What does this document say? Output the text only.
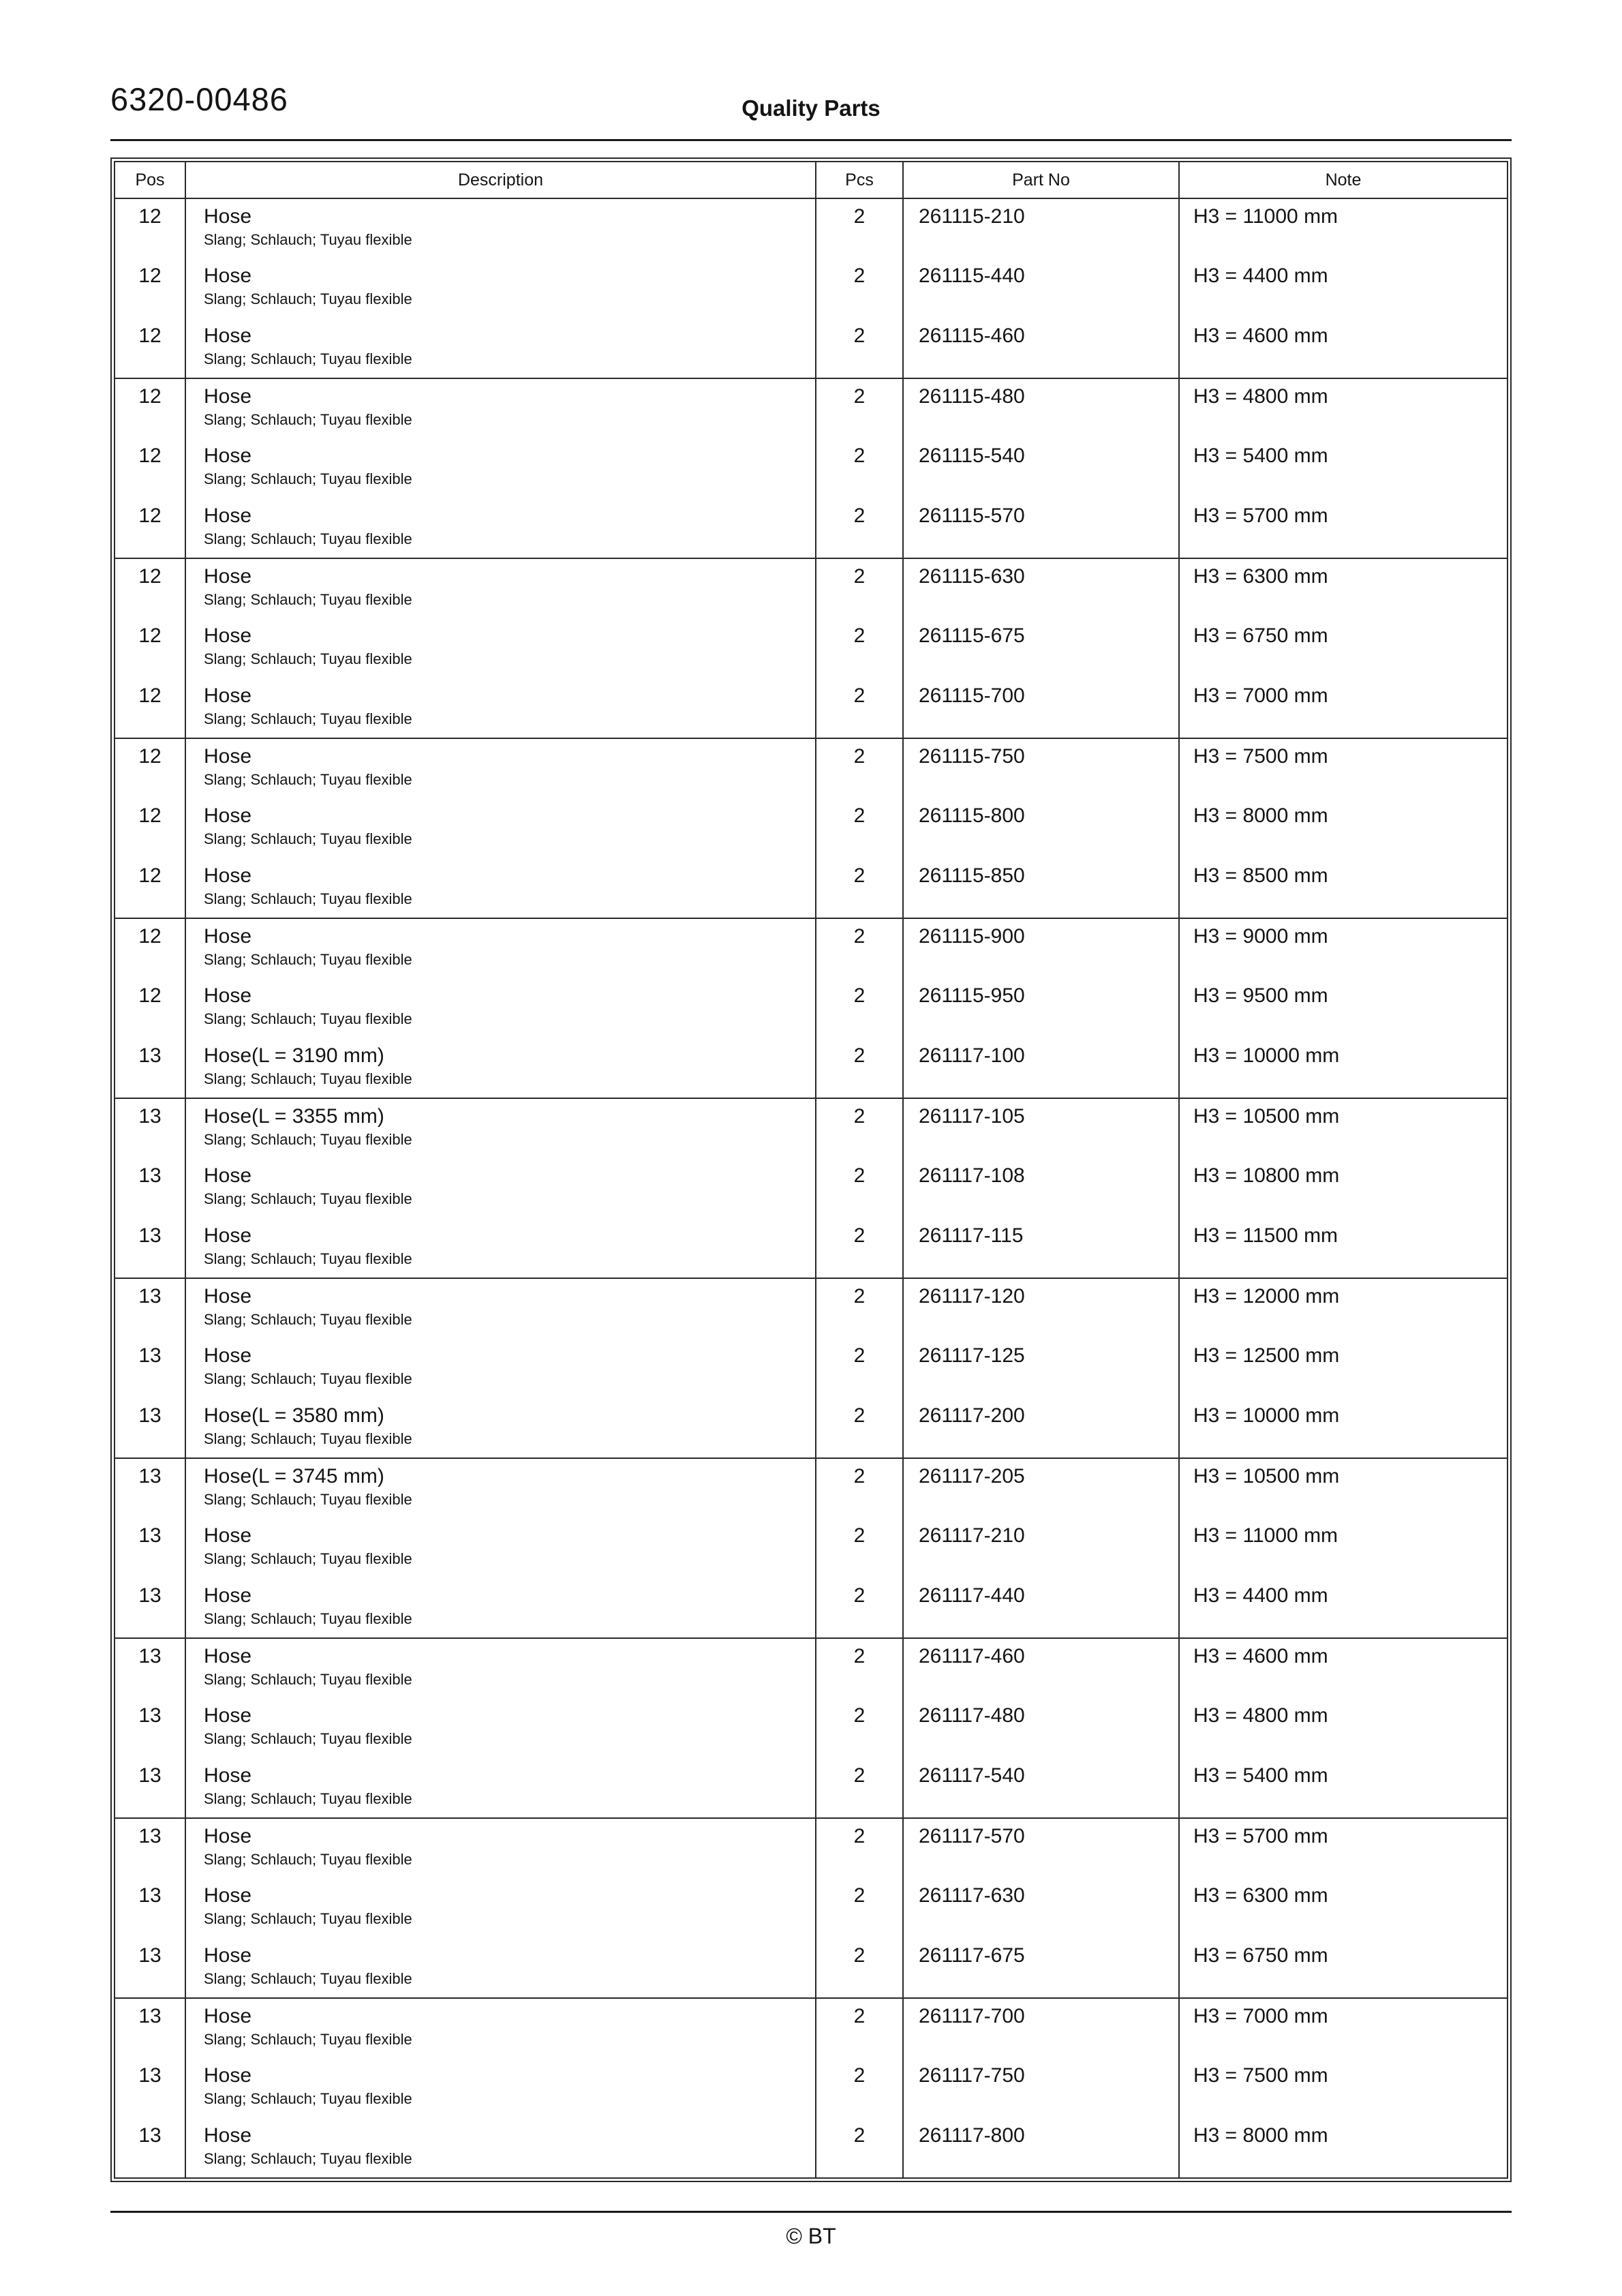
6320-00486	Quality Parts
Pos	Description	Pcs	Part No	Note
12	Hose
Slang; Schlauch; Tuyau flexible	2	261115-210	H3 = 11000 mm
12	Hose
Slang; Schlauch; Tuyau flexible	2	261115-440	H3 = 4400 mm
12	Hose
Slang; Schlauch; Tuyau flexible	2	261115-460	H3 = 4600 mm
12	Hose
Slang; Schlauch; Tuyau flexible	2	261115-480	H3 = 4800 mm
12	Hose
Slang; Schlauch; Tuyau flexible	2	261115-540	H3 = 5400 mm
12	Hose
Slang; Schlauch; Tuyau flexible	2	261115-570	H3 = 5700 mm
12	Hose
Slang; Schlauch; Tuyau flexible	2	261115-630	H3 = 6300 mm
12	Hose
Slang; Schlauch; Tuyau flexible	2	261115-675	H3 = 6750 mm
12	Hose
Slang; Schlauch; Tuyau flexible	2	261115-700	H3 = 7000 mm
12	Hose
Slang; Schlauch; Tuyau flexible	2	261115-750	H3 = 7500 mm
12	Hose
Slang; Schlauch; Tuyau flexible	2	261115-800	H3 = 8000 mm
12	Hose
Slang; Schlauch; Tuyau flexible	2	261115-850	H3 = 8500 mm
12	Hose
Slang; Schlauch; Tuyau flexible	2	261115-900	H3 = 9000 mm
12	Hose
Slang; Schlauch; Tuyau flexible	2	261115-950	H3 = 9500 mm
13	Hose(L = 3190 mm)
Slang; Schlauch; Tuyau flexible	2	261117-100	H3 = 10000 mm
13	Hose(L = 3355 mm)
Slang; Schlauch; Tuyau flexible	2	261117-105	H3 = 10500 mm
13	Hose
Slang; Schlauch; Tuyau flexible	2	261117-108	H3 = 10800 mm
13	Hose
Slang; Schlauch; Tuyau flexible	2	261117-115	H3 = 11500 mm
13	Hose
Slang; Schlauch; Tuyau flexible	2	261117-120	H3 = 12000 mm
13	Hose
Slang; Schlauch; Tuyau flexible	2	261117-125	H3 = 12500 mm
13	Hose(L = 3580 mm)
Slang; Schlauch; Tuyau flexible	2	261117-200	H3 = 10000 mm
13	Hose(L = 3745 mm)
Slang; Schlauch; Tuyau flexible	2	261117-205	H3 = 10500 mm
13	Hose
Slang; Schlauch; Tuyau flexible	2	261117-210	H3 = 11000 mm
13	Hose
Slang; Schlauch; Tuyau flexible	2	261117-440	H3 = 4400 mm
13	Hose
Slang; Schlauch; Tuyau flexible	2	261117-460	H3 = 4600 mm
13	Hose
Slang; Schlauch; Tuyau flexible	2	261117-480	H3 = 4800 mm
13	Hose
Slang; Schlauch; Tuyau flexible	2	261117-540	H3 = 5400 mm
13	Hose
Slang; Schlauch; Tuyau flexible	2	261117-570	H3 = 5700 mm
13	Hose
Slang; Schlauch; Tuyau flexible	2	261117-630	H3 = 6300 mm
13	Hose
Slang; Schlauch; Tuyau flexible	2	261117-675	H3 = 6750 mm
13	Hose
Slang; Schlauch; Tuyau flexible	2	261117-700	H3 = 7000 mm
13	Hose
Slang; Schlauch; Tuyau flexible	2	261117-750	H3 = 7500 mm
13	Hose
Slang; Schlauch; Tuyau flexible	2	261117-800	H3 = 8000 mm
© BT
